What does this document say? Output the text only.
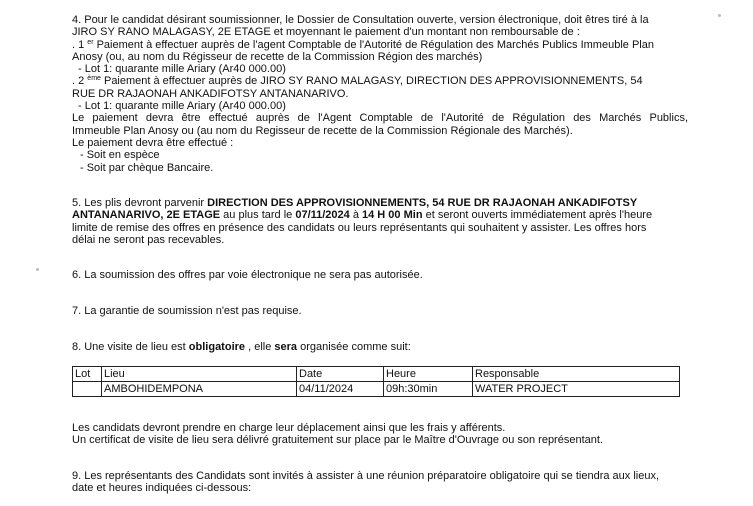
4. Pour le candidat désirant soumissionner, le Dossier de Consultation ouverte, version électronique, doit êtres tiré à la
JIRO SY RANO MALAGASY, 2E ETAGE et moyennant le paiement d'un montant non remboursable de :
. 1 $^{er}$ Paiement à effectuer auprès de l'agent Comptable de l'Autorité de Régulation des Marchés Publics Immeuble Plan
Anosy (ou, au nom du Régisseur de recette de la Commission Région des marchés)
- Lot 1: quarante mille Ariary (Ar40 000.00)
. 2 $^{ème}$ Paiement à effectuer auprès de JIRO SY RANO MALAGASY, DIRECTION DES APPROVISIONNEMENTS, 54
RUE DR RAJAONAH ANKADIFOTSY ANTANANARIVO.
- Lot 1: quarante mille Ariary (Ar40 000.00)
Le paiement devra être effectué auprès de l'Agent Comptable de l'Autorité de Régulation des Marchés Publics,
Immeuble Plan Anosy ou (au nom du Regisseur de recette de la Commission Régionale des Marchés).
Le paiement devra être effectué :
- Soit en espèce
- Soit par chèque Bancaire.
5. Les plis devront parvenir DIRECTION DES APPROVISIONNEMENTS, 54 RUE DR RAJAONAH ANKADIFOTSY
ANTANANARIVO, 2E ETAGE au plus tard le 07/11/2024 à 14 H 00 Min et seront ouverts immédiatement après l'heure
limite de remise des offres en présence des candidats ou leurs représentants qui souhaitent y assister. Les offres hors
délai ne seront pas recevables.
6. La soumission des offres par voie électronique ne sera pas autorisée.
7. La garantie de soumission n'est pas requise.
8. Une visite de lieu est obligatoire , elle sera organisée comme suit:
Lot	Lieu	Date	Heure	Responsable
	AMBOHIDEMPONA	04/11/2024	09h:30min	WATER PROJECT
Les candidats devront prendre en charge leur déplacement ainsi que les frais y afférents.
Un certificat de visite de lieu sera délivré gratuitement sur place par le Maître d'Ouvrage ou son représentant.
9. Les représentants des Candidats sont invités à assister à une réunion préparatoire obligatoire qui se tiendra aux lieux,
date et heures indiquées ci-dessous:
